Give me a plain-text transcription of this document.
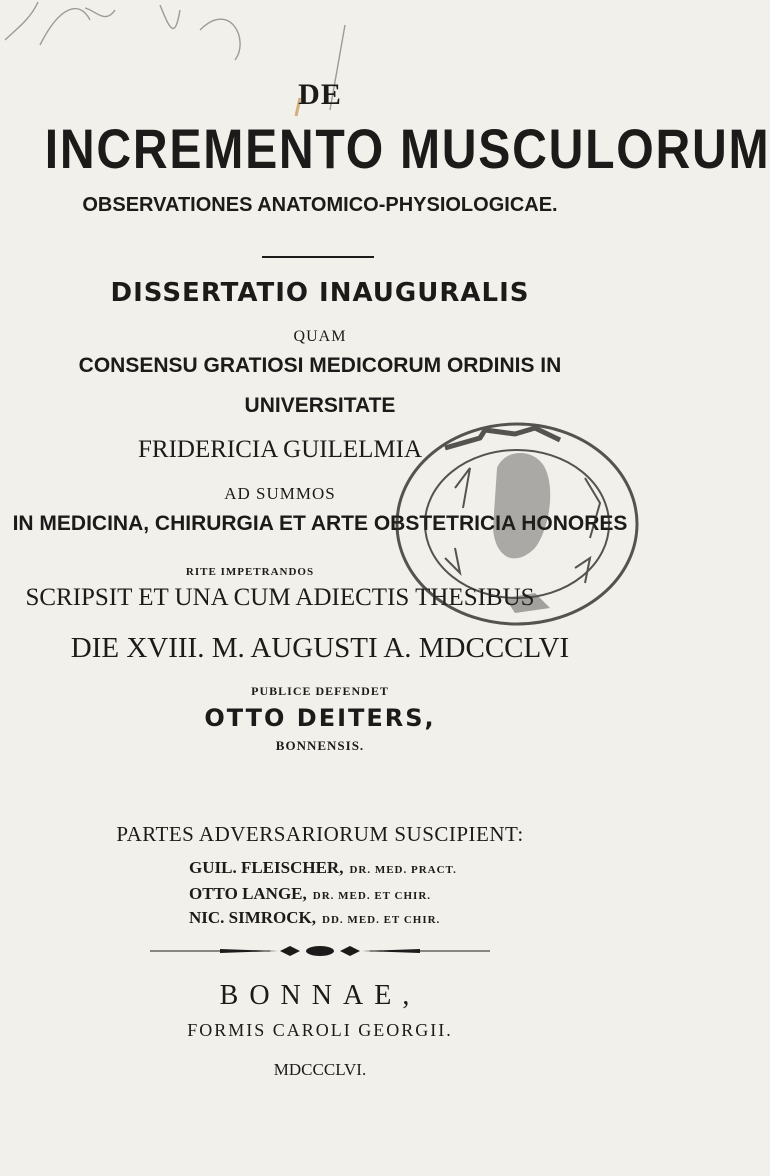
DE
INCREMENTO MUSCULORUM
OBSERVATIONES ANATOMICO-PHYSIOLOGICAE.
DISSERTATIO INAUGURALIS
QUAM
CONSENSU GRATIOSI MEDICORUM ORDINIS IN
UNIVERSITATE
FRIDERICIA GUILELMIA
AD SUMMOS
IN MEDICINA, CHIRURGIA ET ARTE OBSTETRICIA HONORES
RITE IMPETRANDOS
SCRIPSIT ET UNA CUM ADIECTIS THESIBUS
DIE XVIII. M. AUGUSTI A. MDCCCLVI
PUBLICE DEFENDET
OTTO DEITERS,
BONNENSIS.
PARTES ADVERSARIORUM SUSCIPIENT:
GUIL. FLEISCHER, DR. MED. PRACT.
OTTO LANGE, DR. MED. ET CHIR.
NIC. SIMROCK, DD. MED. ET CHIR.
BONNAE,
FORMIS CAROLI GEORGII.
MDCCCLVI.
